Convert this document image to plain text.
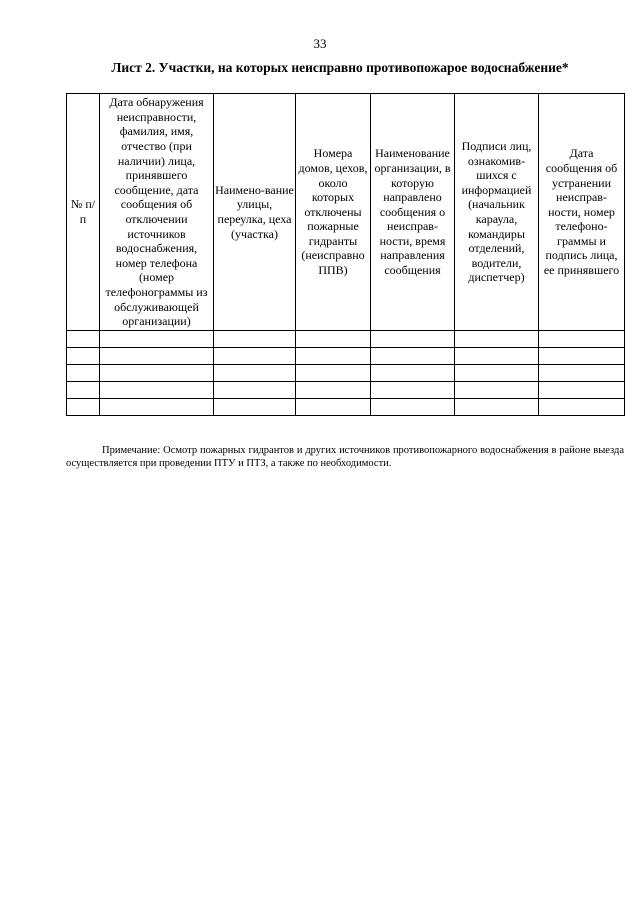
33
Лист 2. Участки, на которых неисправно противопожарое водоснабжение*
№ п/п	Дата обнаружения неисправности, фамилия, имя, отчество (при наличии) лица, принявшего сообщение, дата сообщения об отключении источников водоснабжения, номер телефона (номер телефонограммы из обслуживающей организации)	Наимено-вание улицы, переулка, цеха (участка)	Номера домов, цехов, около которых отключены пожарные гидранты (неисправно ППВ)	Наименование организации, в которую направлено сообщения о неисправ-ности, время направления сообщения	Подписи лиц, ознакомив-шихся с информацией (начальник караула, командиры отделений, водители, диспетчер)	Дата сообщения об устранении неисправ-ности, номер телефоно-граммы и подпись лица, ее принявшего

Примечание: Осмотр пожарных гидрантов и других источников противопожарного водоснабжения в районе выезда осуществляется при проведении ПТУ и ПТЗ, а также по необходимости.
